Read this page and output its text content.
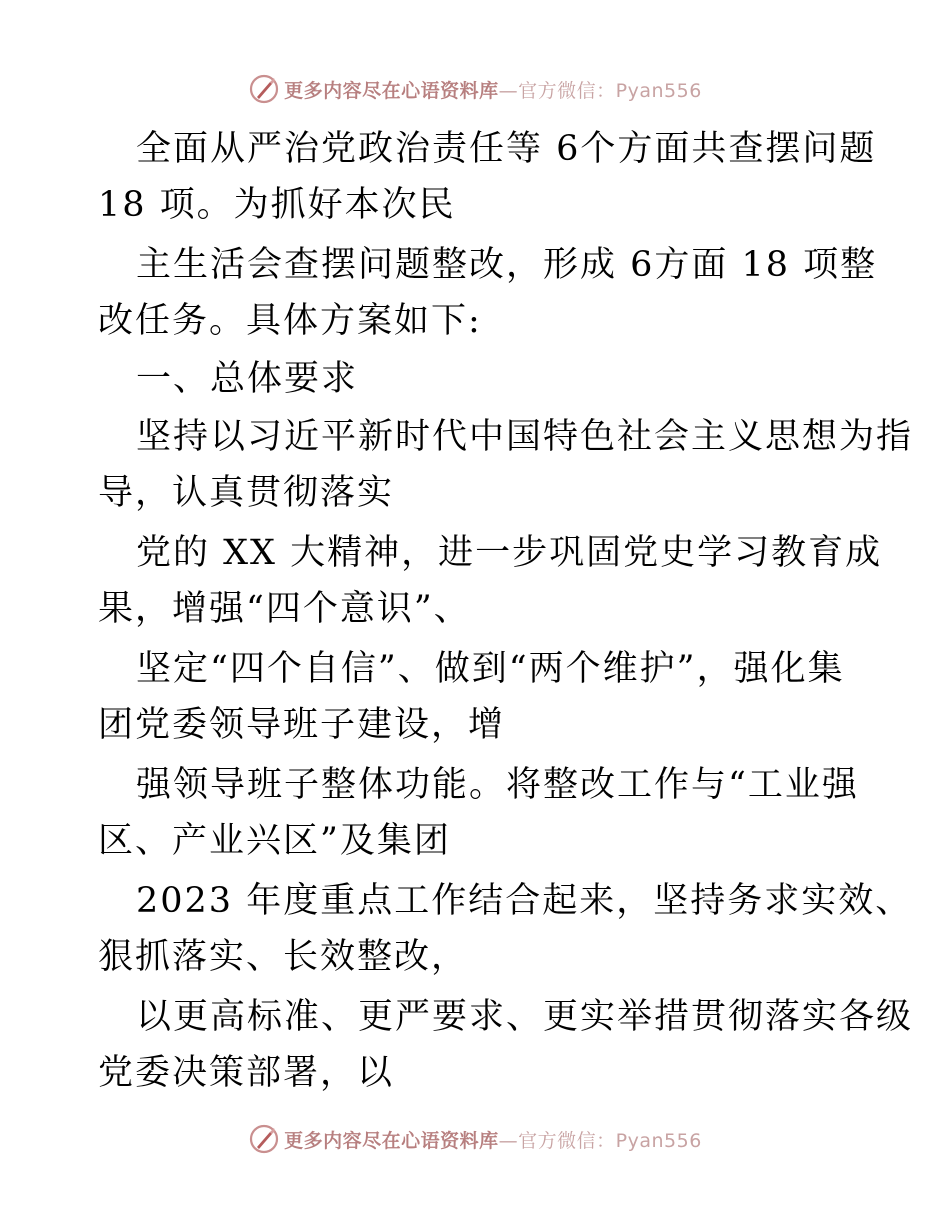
更多内容尽在心语资料库—官方微信：Pyan556
全面从严治党政治责任等 6个方面共查摆问题
18 项。为抓好本次民
主生活会查摆问题整改，形成 6方面 18 项整
改任务。具体方案如下:
一、总体要求
坚持以习近平新时代中国特色社会主义思想为指
导，认真贯彻落实
党的 XX 大精神，进一步巩固党史学习教育成
果，增强“四个意识”、
坚定“四个自信”、做到“两个维护”，强化集
团党委领导班子建设，增
强领导班子整体功能。将整改工作与“工业强
区、产业兴区”及集团
2023 年度重点工作结合起来，坚持务求实效、
狠抓落实、长效整改，
以更高标准、更严要求、更实举措贯彻落实各级
党委决策部署，以
更多内容尽在心语资料库—官方微信：Pyan556
